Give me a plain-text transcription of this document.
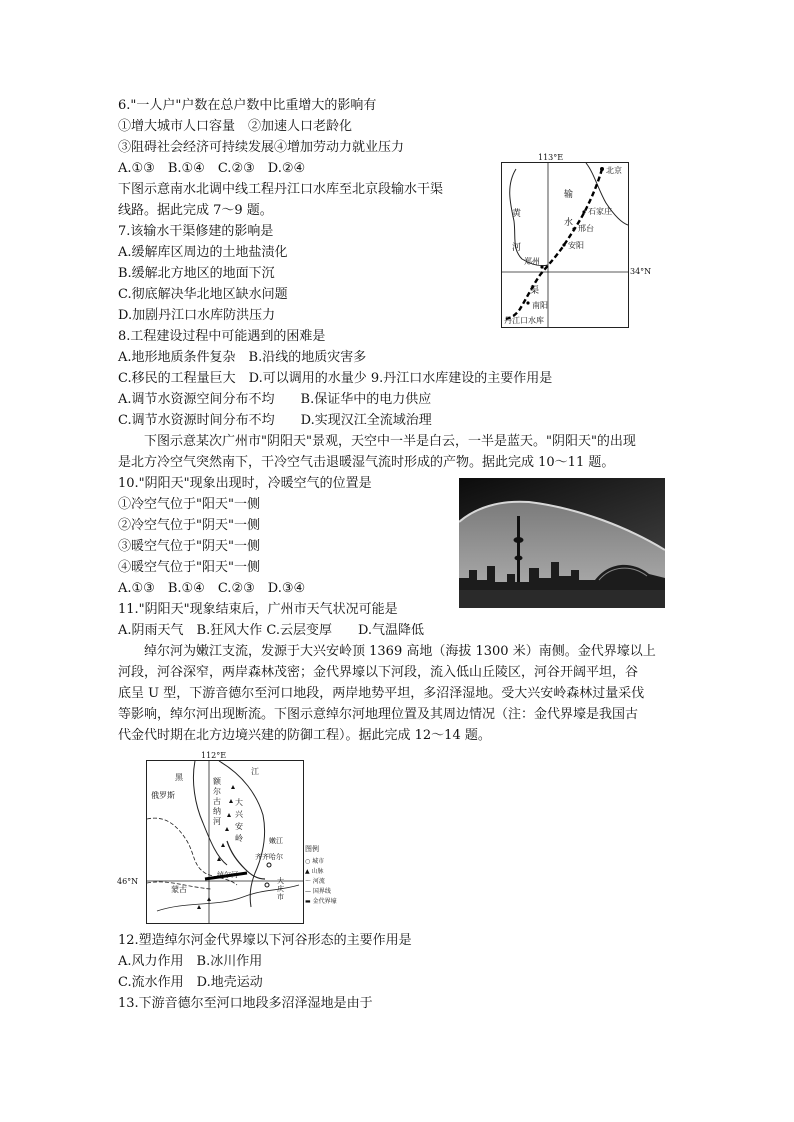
6."一人户"户数在总户数中比重增大的影响有
①增大城市人口容量　②加速人口老龄化
③阻碍社会经济可持续发展④增加劳动力就业压力
A.①③　B.①④　C.②③　D.②④
下图示意南水北调中线工程丹江口水库至北京段输水干渠
线路。据此完成 7～9 题。
7.该输水干渠修建的影响是
A.缓解库区周边的土地盐渍化
B.缓解北方地区的地面下沉
C.彻底解决华北地区缺水问题
D.加剧丹江口水库防洪压力
8.工程建设过程中可能遇到的困难是
A.地形地质条件复杂　B.沿线的地质灾害多
C.移民的工程量巨大　D.可以调用的水量少 9.丹江口水库建设的主要作用是
A.调节水资源空间分布不均　　B.保证华中的电力供应
C.调节水资源时间分布不均　　D.实现汉江全流域治理
　　下图示意某次广州市"阴阳天"景观，天空中一半是白云，一半是蓝天。"阴阳天"的出现
是北方冷空气突然南下，干冷空气击退暖湿气流时形成的产物。据此完成 10～11 题。
10."阴阳天"现象出现时，冷暖空气的位置是
①冷空气位于"阳天"一侧
②冷空气位于"阴天"一侧
③暖空气位于"阴天"一侧
④暖空气位于"阳天"一侧
A.①③　B.①④　C.②③　D.③④
11."阴阳天"现象结束后，广州市天气状况可能是
A.阴雨天气　B.狂风大作 C.云层变厚　　D.气温降低
　　绰尔河为嫩江支流，发源于大兴安岭顶 1369 高地（海拔 1300 米）南侧。金代界壕以上
河段，河谷深窄，两岸森林茂密；金代界壕以下河段，流入低山丘陵区，河谷开阔平坦，谷
底呈 U 型，下游音德尔至河口地段，两岸地势平坦，多沼泽湿地。受大兴安岭森林过量采伐
等影响，绰尔河出现断流。下图示意绰尔河地理位置及其周边情况（注：金代界壕是我国古
代金代时期在北方边境兴建的防御工程）。据此完成 12～14 题。
12.塑造绰尔河金代界壕以下河谷形态的主要作用是
A.风力作用　B.冰川作用
C.流水作用　D.地壳运动
13.下游音德尔至河口地段多沼泽湿地是由于
113°E
北京
石家庄
邢台
安阳
郑州
南阳
丹江口水库
输水
黄河
渠
34°N
112°E
46°N
俄罗斯
蒙古
黑
江
额尔古纳河
大兴安岭
齐齐哈尔
大庆市
嫩江
绰尔河
图例
○ 城市
▲ 山脉
～ 河流
— 国界线
▬ 金代界壕
